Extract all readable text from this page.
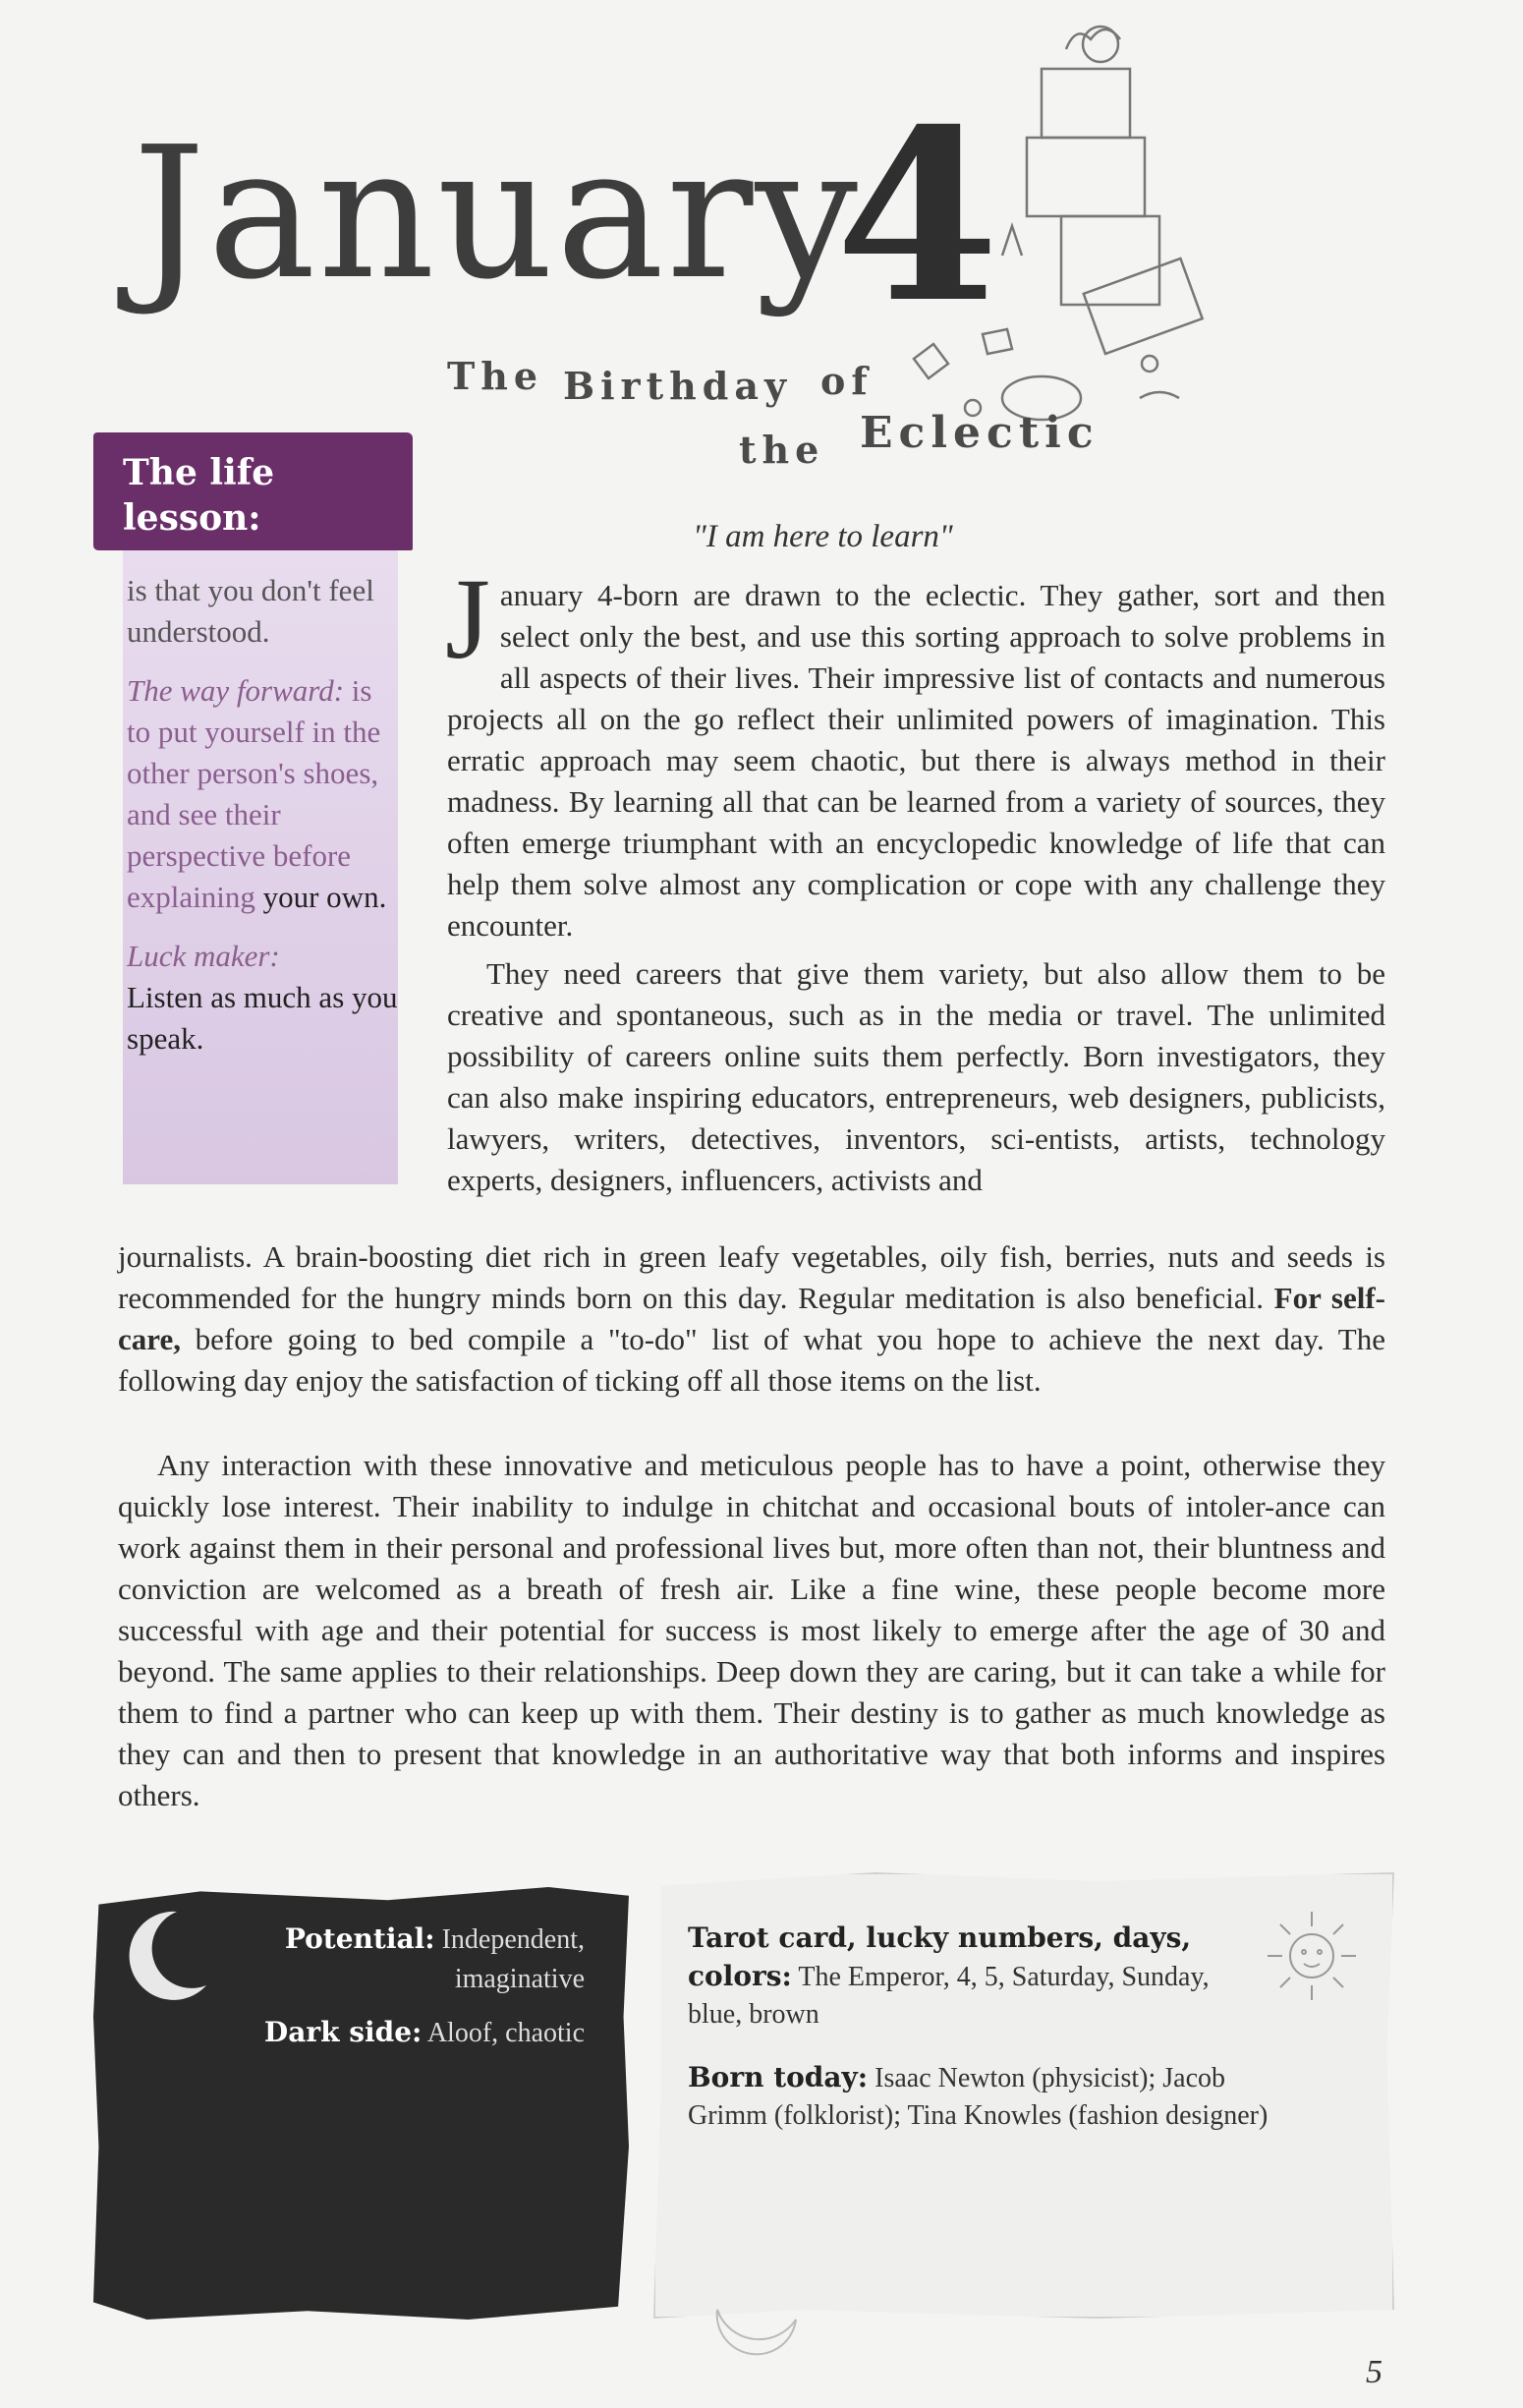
January
4
The Birthday of
the Eclectic
The life lesson:

is that you don't feel understood.

The way forward: is to put yourself in the other person's shoes, and see their perspective before explaining your own.

Luck maker:
Listen as much as you speak.

"I am here to learn"
January 4-born are drawn to the eclectic. They gather, sort and then select only the best, and use this sorting approach to solve problems in all aspects of their lives. Their impressive list of contacts and numerous projects all on the go reflect their unlimited powers of imagination. This erratic approach may seem chaotic, but there is always method in their madness. By learning all that can be learned from a variety of sources, they often emerge triumphant with an encyclopedic knowledge of life that can help them solve almost any complication or cope with any challenge they encounter.
They need careers that give them variety, but also allow them to be creative and spontaneous, such as in the media or travel. The unlimited possibility of careers online suits them perfectly. Born investigators, they can also make inspiring educators, entrepreneurs, web designers, publicists, lawyers, writers, detectives, inventors, sci-entists, artists, technology experts, designers, influencers, activists and
journalists. A brain-boosting diet rich in green leafy vegetables, oily fish, berries, nuts and seeds is recommended for the hungry minds born on this day. Regular meditation is also beneficial. For self-care, before going to bed compile a "to-do" list of what you hope to achieve the next day. The following day enjoy the satisfaction of ticking off all those items on the list.
Any interaction with these innovative and meticulous people has to have a point, otherwise they quickly lose interest. Their inability to indulge in chitchat and occasional bouts of intoler-ance can work against them in their personal and professional lives but, more often than not, their bluntness and conviction are welcomed as a breath of fresh air. Like a fine wine, these people become more successful with age and their potential for success is most likely to emerge after the age of 30 and beyond. The same applies to their relationships. Deep down they are caring, but it can take a while for them to find a partner who can keep up with them. Their destiny is to gather as much knowledge as they can and then to present that knowledge in an authoritative way that both informs and inspires others.
Potential: Independent, imaginative
Dark side: Aloof, chaotic
Tarot card, lucky numbers, days, colors: The Emperor, 4, 5, Saturday, Sunday, blue, brown
Born today: Isaac Newton (physicist); Jacob Grimm (folklorist); Tina Knowles (fashion designer)
5
